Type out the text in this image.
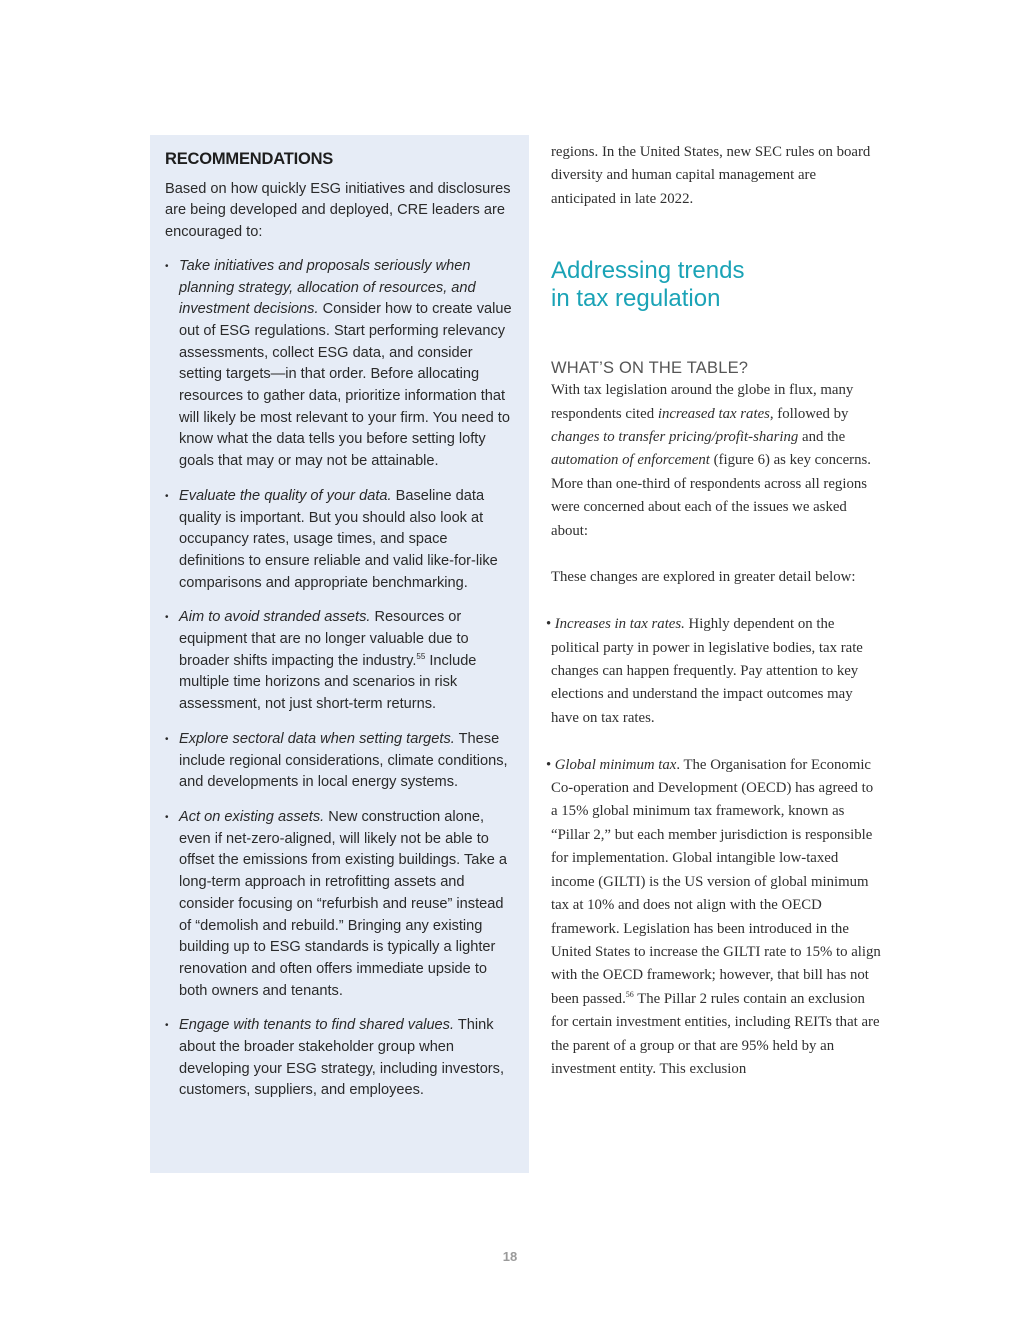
RECOMMENDATIONS

Based on how quickly ESG initiatives and disclosures are being developed and deployed, CRE leaders are encouraged to:

• Take initiatives and proposals seriously when planning strategy, allocation of resources, and investment decisions. Consider how to create value out of ESG regulations. Start performing relevancy assessments, collect ESG data, and consider setting targets—in that order. Before allocating resources to gather data, prioritize information that will likely be most relevant to your firm. You need to know what the data tells you before setting lofty goals that may or may not be attainable.
• Evaluate the quality of your data. Baseline data quality is important. But you should also look at occupancy rates, usage times, and space definitions to ensure reliable and valid like-for-like comparisons and appropriate benchmarking.
• Aim to avoid stranded assets. Resources or equipment that are no longer valuable due to broader shifts impacting the industry.$^{55}$ Include multiple time horizons and scenarios in risk assessment, not just short-term returns.
• Explore sectoral data when setting targets. These include regional considerations, climate conditions, and developments in local energy systems.
• Act on existing assets. New construction alone, even if net-zero-aligned, will likely not be able to offset the emissions from existing buildings. Take a long-term approach in retrofitting assets and consider focusing on “refurbish and reuse” instead of “demolish and rebuild.” Bringing any existing building up to ESG standards is typically a lighter renovation and often offers immediate upside to both owners and tenants.
• Engage with tenants to find shared values. Think about the broader stakeholder group when developing your ESG strategy, including investors, customers, suppliers, and employees.

regions. In the United States, new SEC rules on board diversity and human capital management are anticipated in late 2022.

Addressing trends
in tax regulation
WHAT’S ON THE TABLE?

With tax legislation around the globe in flux, many respondents cited increased tax rates, followed by changes to transfer pricing/profit-sharing and the automation of enforcement (figure 6) as key concerns. More than one-third of respondents across all regions were concerned about each of the issues we asked about:

These changes are explored in greater detail below:

• Increases in tax rates. Highly dependent on the political party in power in legislative bodies, tax rate changes can happen frequently. Pay attention to key elections and understand the impact outcomes may have on tax rates.

• Global minimum tax. The Organisation for Economic Co-operation and Development (OECD) has agreed to a 15% global minimum tax framework, known as “Pillar 2,” but each member jurisdiction is responsible for implementation. Global intangible low-taxed income (GILTI) is the US version of global minimum tax at 10% and does not align with the OECD framework. Legislation has been introduced in the United States to increase the GILTI rate to 15% to align with the OECD framework; however, that bill has not been passed.$^{56}$ The Pillar 2 rules contain an exclusion for certain investment entities, including REITs that are the parent of a group or that are 95% held by an investment entity. This exclusion

18
